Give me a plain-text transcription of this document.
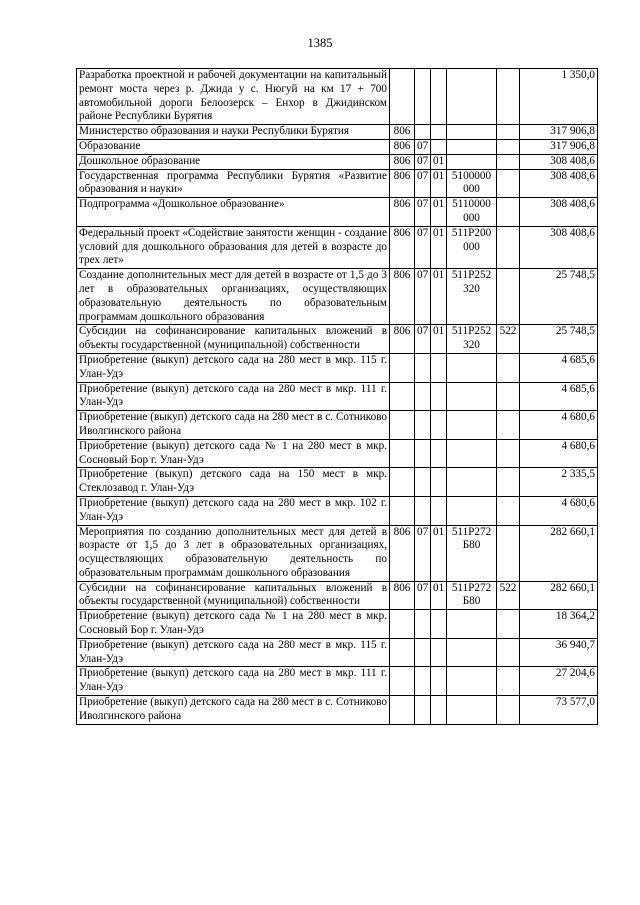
1385
Разработка проектной и рабочей документации на капитальный ремонт моста через р. Джида у с. Нюгуй на км 17 + 700 автомобильной дороги Белоозерск – Енхор в Джидинском районе Республики Бурятия						1 350,0
Министерство образования и науки Республики Бурятия	806					317 906,8
Образование	806	07				317 906,8
Дошкольное образование	806	07	01			308 408,6
Государственная программа Республики Бурятия «Развитие образования и науки»	806	07	01	5100000 000		308 408,6
Подпрограмма «Дошкольное образование»	806	07	01	5110000 000		308 408,6
Федеральный проект «Содействие занятости женщин - создание условий для дошкольного образования для детей в возрасте до трех лет»	806	07	01	511Р200 000		308 408,6
Создание дополнительных мест для детей в возрасте от 1,5 до 3 лет в образовательных организациях, осуществляющих образовательную деятельность по образовательным программам дошкольного образования	806	07	01	511Р252 320		25 748,5
Субсидии на софинансирование капитальных вложений в объекты государственной (муниципальной) собственности	806	07	01	511Р252 320	522	25 748,5
Приобретение (выкуп) детского сада на 280 мест в мкр. 115 г. Улан-Удэ						4 685,6
Приобретение (выкуп) детского сада на 280 мест в мкр. 111 г. Улан-Удэ						4 685,6
Приобретение (выкуп) детского сада на 280 мест в с. Сотниково Иволгинского района						4 680,6
Приобретение (выкуп) детского сада № 1 на 280 мест в мкр. Сосновый Бор г. Улан-Удэ						4 680,6
Приобретение (выкуп) детского сада на 150 мест в мкр. Стеклозавод г. Улан-Удэ						2 335,5
Приобретение (выкуп) детского сада на 280 мест в мкр. 102 г. Улан-Удэ						4 680,6
Мероприятия по созданию дополнительных мест для детей в возрасте от 1,5 до 3 лет в образовательных организациях, осуществляющих образовательную деятельность по образовательным программам дошкольного образования	806	07	01	511Р272 Б80		282 660,1
Субсидии на софинансирование капитальных вложений в объекты государственной (муниципальной) собственности	806	07	01	511Р272 Б80	522	282 660,1
Приобретение (выкуп) детского сада № 1 на 280 мест в мкр. Сосновый Бор г. Улан-Удэ						18 364,2
Приобретение (выкуп) детского сада на 280 мест в мкр. 115 г. Улан-Удэ						36 940,7
Приобретение (выкуп) детского сада на 280 мест в мкр. 111 г. Улан-Удэ						27 204,6
Приобретение (выкуп) детского сада на 280 мест в с. Сотниково Иволгинского района						73 577,0
